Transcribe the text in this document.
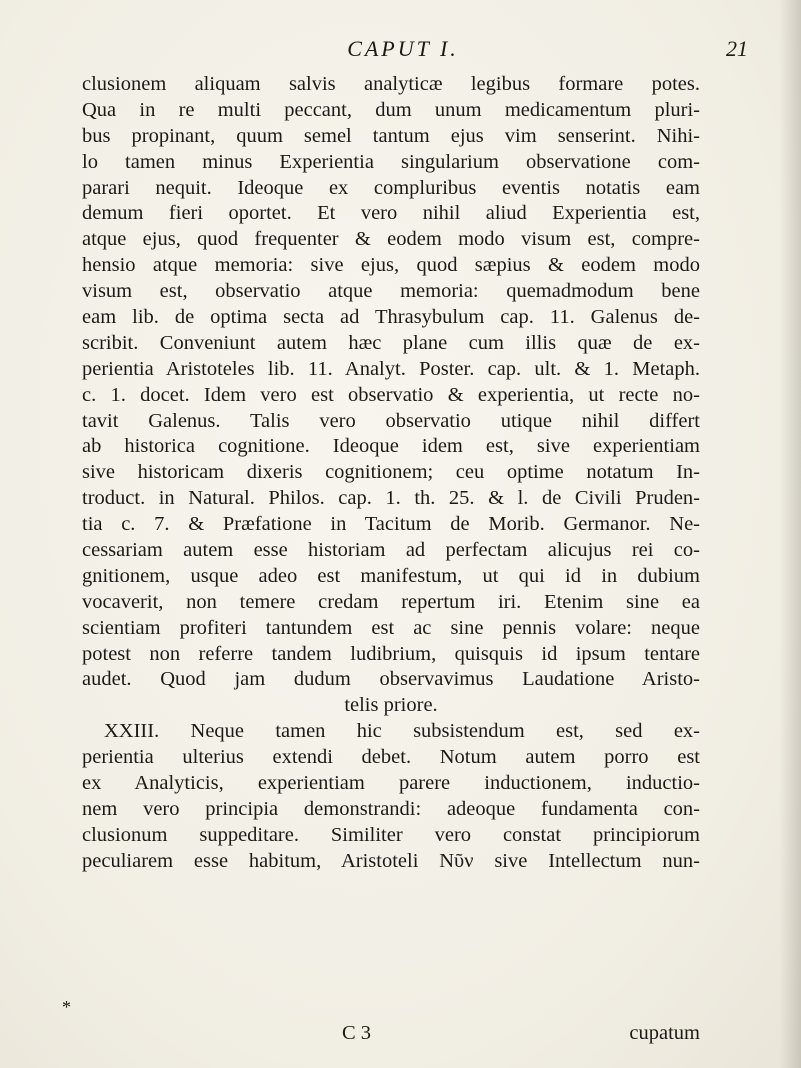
CAPUT I.	21
clusionem aliquam salvis analyticæ legibus formare potes.
Qua in re multi peccant, dum unum medicamentum pluri-
bus propinant, quum semel tantum ejus vim senserint. Nihi-
lo tamen minus Experientia singularium observatione com-
parari nequit. Ideoque ex compluribus eventis notatis eam
demum fieri oportet. Et vero nihil aliud Experientia est,
atque ejus, quod frequenter & eodem modo visum est, compre-
hensio atque memoria: sive ejus, quod sæpius & eodem modo
visum est, observatio atque memoria: quemadmodum bene
eam lib. de optima secta ad Thrasybulum cap. 11. Galenus de-
scribit. Conveniunt autem hæc plane cum illis quæ de ex-
perientia Aristoteles lib. 11. Analyt. Poster. cap. ult. & 1. Metaph.
c. 1. docet. Idem vero est observatio & experientia, ut recte no-
tavit Galenus. Talis vero observatio utique nihil differt
ab historica cognitione. Ideoque idem est, sive experientiam
sive historicam dixeris cognitionem; ceu optime notatum In-
troduct. in Natural. Philos. cap. 1. th. 25. & l. de Civili Pruden-
tia c. 7. & Præfatione in Tacitum de Morib. Germanor. Ne-
cessariam autem esse historiam ad perfectam alicujus rei co-
gnitionem, usque adeo est manifestum, ut qui id in dubium
vocaverit, non temere credam repertum iri. Etenim sine ea
scientiam profiteri tantundem est ac sine pennis volare: neque
potest non referre tandem ludibrium, quisquis id ipsum tentare
audet. Quod jam dudum observavimus Laudatione Aristo-
telis priore.
XXIII. Neque tamen hic subsistendum est, sed ex-
perientia ulterius extendi debet. Notum autem porro est
ex Analyticis, experientiam parere inductionem, inductio-
nem vero principia demonstrandi: adeoque fundamenta con-
clusionum suppeditare. Similiter vero constat principiorum
peculiarem esse habitum, Aristoteli Nῦν sive Intellectum nun-
*
C 3	cupatum
